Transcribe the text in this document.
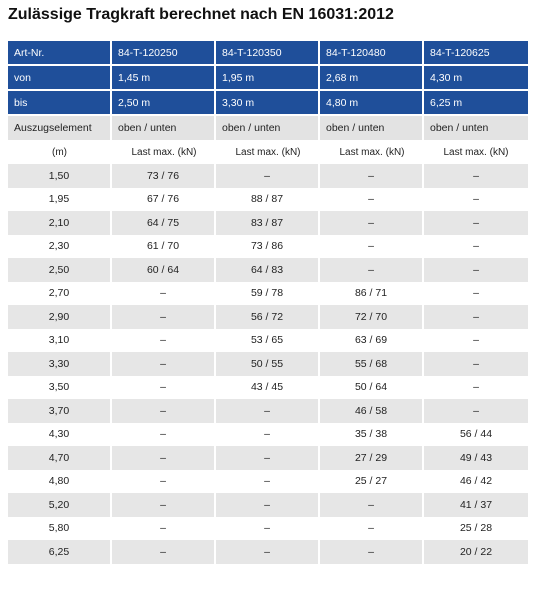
Zulässige Tragkraft berechnet nach EN 16031:2012
Art-Nr.	84-T-120250	84-T-120350	84-T-120480	84-T-120625
von	1,45 m	1,95 m	2,68 m	4,30 m
bis	2,50 m	3,30 m	4,80 m	6,25 m
Auszugselement	oben / unten	oben / unten	oben / unten	oben / unten
(m)	Last max. (kN)	Last max. (kN)	Last max. (kN)	Last max. (kN)
1,50	73 / 76	–	–	–
1,95	67 / 76	88 / 87	–	–
2,10	64 / 75	83 / 87	–	–
2,30	61 / 70	73 / 86	–	–
2,50	60 / 64	64 / 83	–	–
2,70	–	59 / 78	86 / 71	–
2,90	–	56 / 72	72 / 70	–
3,10	–	53 / 65	63 / 69	–
3,30	–	50 / 55	55 / 68	–
3,50	–	43 / 45	50 / 64	–
3,70	–	–	46 / 58	–
4,30	–	–	35 / 38	56 / 44
4,70	–	–	27 / 29	49 / 43
4,80	–	–	25 / 27	46 / 42
5,20	–	–	–	41 / 37
5,80	–	–	–	25 / 28
6,25	–	–	–	20 / 22
